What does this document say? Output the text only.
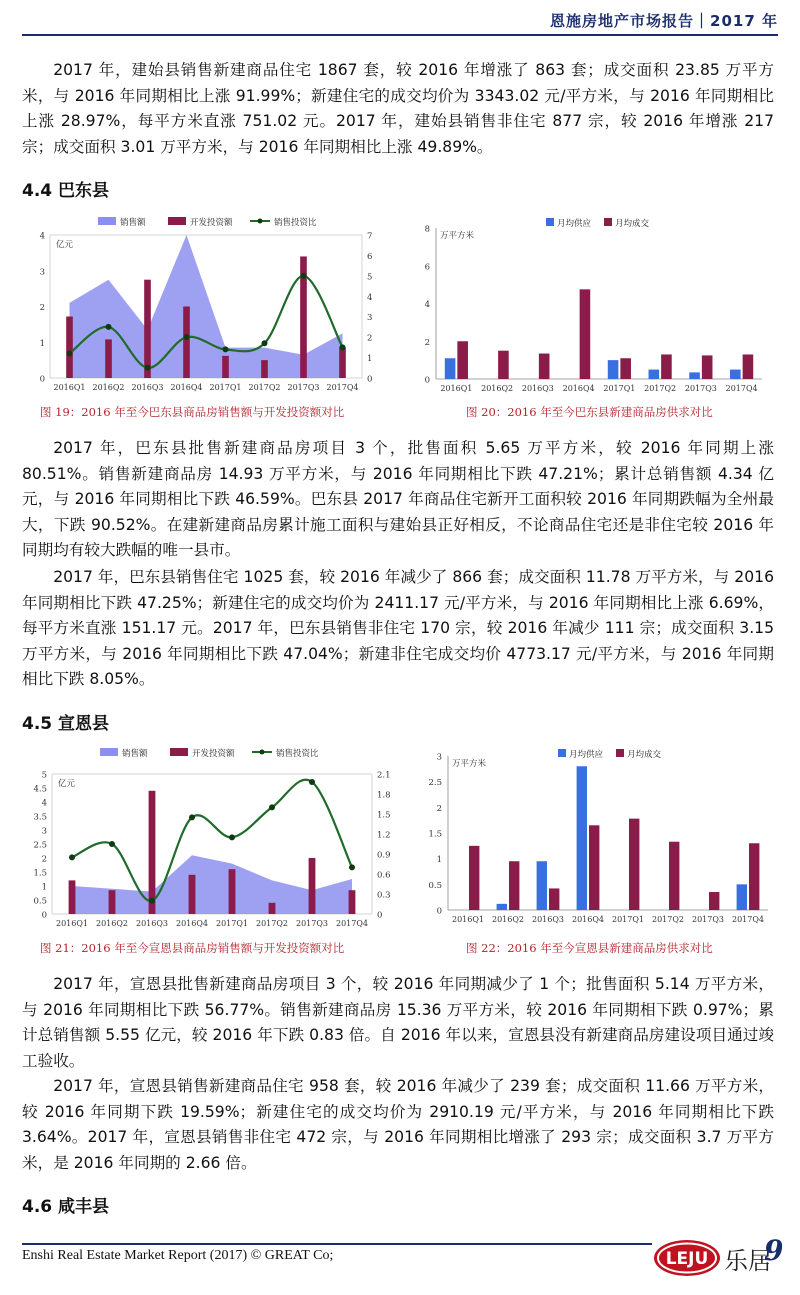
恩施房地产市场报告｜2017 年

2017 年，建始县销售新建商品住宅 1867 套，较 2016 年增涨了 863 套；成交面积 23.85 万平方米，与 2016 年同期相比上涨 91.99%；新建住宅的成交均价为 3343.02 元/平方米，与 2016 年同期相比上涨 28.97%，每平方米直涨 751.02 元。2017 年，建始县销售非住宅 877 宗，较 2016 年增涨 217 宗；成交面积 3.01 万平方米，与 2016 年同期相比上涨 49.89%。

4.4 巴东县
0
1
2
3
4
0
1
2
3
4
5
6
7
2016Q1 2016Q2 2016Q3 2016Q4 2017Q1 2017Q2 2017Q3 2017Q4
亿元
销售额	开发投资额	销售投资比
图 19：2016 年至今巴东县商品房销售额与开发投资额对比
0
2
4
6
8
2016Q1 2016Q2 2016Q3 2016Q4 2017Q1 2017Q2 2017Q3 2017Q4
万平方米
月均供应	月均成交
图 20：2016 年至今巴东县新建商品房供求对比

2017 年，巴东县批售新建商品房项目 3 个，批售面积 5.65 万平方米，较 2016 年同期上涨 80.51%。销售新建商品房 14.93 万平方米，与 2016 年同期相比下跌 47.21%；累计总销售额 4.34 亿元，与 2016 年同期相比下跌 46.59%。巴东县 2017 年商品住宅新开工面积较 2016 年同期跌幅为全州最大，下跌 90.52%。在建新建商品房累计施工面积与建始县正好相反，不论商品住宅还是非住宅较 2016 年同期均有较大跌幅的唯一县市。

2017 年，巴东县销售住宅 1025 套，较 2016 年减少了 866 套；成交面积 11.78 万平方米，与 2016 年同期相比下跌 47.25%；新建住宅的成交均价为 2411.17 元/平方米，与 2016 年同期相比上涨 6.69%，每平方米直涨 151.17 元。2017 年，巴东县销售非住宅 170 宗，较 2016 年减少 111 宗；成交面积 3.15 万平方米，与 2016 年同期相比下跌 47.04%；新建非住宅成交均价 4773.17 元/平方米，与 2016 年同期相比下跌 8.05%。

4.5 宣恩县
0
0.5
1
1.5
2
2.5
3
3.5
4
4.5
5
0
0.3
0.6
0.9
1.2
1.5
1.8
2.1
2016Q1 2016Q2 2016Q3 2016Q4 2017Q1 2017Q2 2017Q3 2017Q4
亿元
销售额	开发投资额	销售投资比
图 21：2016 年至今宣恩县商品房销售额与开发投资额对比
0
0.5
1
1.5
2
2.5
3
2016Q1 2016Q2 2016Q3 2016Q4 2017Q1 2017Q2 2017Q3 2017Q4
万平方米
月均供应	月均成交
图 22：2016 年至今宣恩县新建商品房供求对比

2017 年，宣恩县批售新建商品房项目 3 个，较 2016 年同期减少了 1 个；批售面积 5.14 万平方米，与 2016 年同期相比下跌 56.77%。销售新建商品房 15.36 万平方米，较 2016 年同期相下跌 0.97%；累计总销售额 5.55 亿元，较 2016 年下跌 0.83 倍。自 2016 年以来，宣恩县没有新建商品房建设项目通过竣工验收。

2017 年，宣恩县销售新建商品住宅 958 套，较 2016 年减少了 239 套；成交面积 11.66 万平方米，较 2016 年同期下跌 19.59%；新建住宅的成交均价为 2910.19 元/平方米，与 2016 年同期相比下跌 3.64%。2017 年，宣恩县销售非住宅 472 宗，与 2016 年同期相比增涨了 293 宗；成交面积 3.7 万平方米，是 2016 年同期的 2.66 倍。

4.6 咸丰县
Enshi Real Estate Market Report (2017) © GREAT Co;	LEJU 乐居
9
